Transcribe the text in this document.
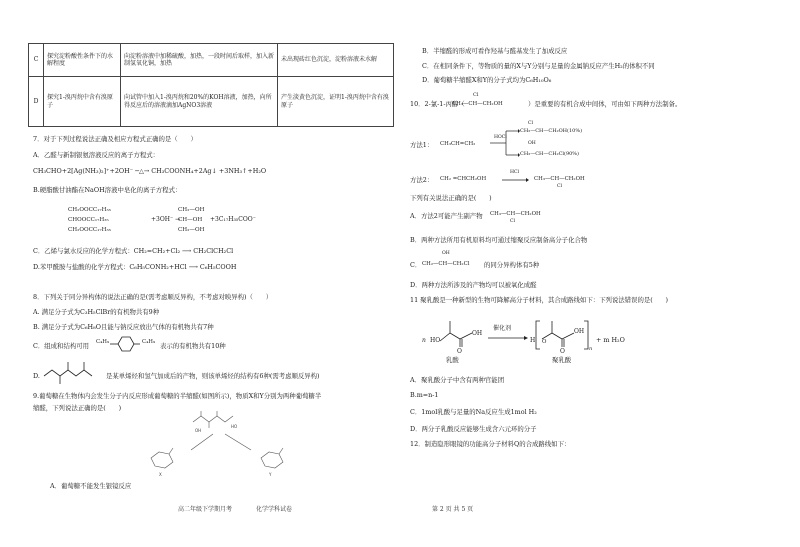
C	探究淀粉酸性条件下的水解程度	向淀粉溶液中加稀硫酸，加热，一段时间后取样，加入新制氢氧化铜，加热	未出现砖红色沉淀，淀粉溶液未水解
D	探究1-溴丙烷中含有溴原子	向试管中加入1-溴丙烷和20%的KOH溶液，加热，向所得反应后的溶液滴加AgNO3溶液	产生淡黄色沉淀，证明1-溴丙烷中含有溴原子
7．对于下列过程说法正确及相应方程式正确的是（　　）
A．乙醛与新制银氨溶液反应的离子方程式：
CH₃CHO+2[Ag(NH₃)₂]⁺+2OH⁻ ─△→ CH₃COONH₄+2Ag↓ +3NH₃↑+H₂O
B.硬脂酸甘油酯在NaOH溶液中皂化的离子方程式：
CH₂OOCC₁₇H₃₅
CHOOCC₁₇H₃₅
CH₂OOCC₁₇H₃₅
+3OH⁻ →
CH₂—OH
CH—OH
CH₂—OH
+3C₁₇H₃₅COO⁻
C．乙烯与氯水反应的化学方程式：CH₂=CH₂+Cl₂ ⟶ CH₂ClCH₂Cl
D.苯甲酰胺与盐酸的化学方程式：C₆H₅CONH₂+HCl ⟶ C₆H₅COOH
8．下列关于同分异构体的说法正确的是(需考虑顺反异构，不考虑对映异构)（　　）
A. 满足分子式为C₃H₅ClBr的有机物共有9种
B. 满足分子式为C₆H₈O且能与钠反应放出气体的有机物共有7种
C．组成和结构可用 C₄H₉	C₄H₉ 表示的有机物共有10种
D.	是某单烯烃和氢气加成后的产物，则该单烯烃的结构有6种(需考虑顺反异构)
9.葡萄糖在生物体内会发生分子内反应形成葡萄糖的半缩醛(如图所示)，物质X和Y分别为两种葡萄糖半
缩醛，下列说法正确的是(　　)
HO
OH
X	Y
A．葡萄糖不能发生银镜反应
高二年级下学期月考	化学学科试卷
B．半缩醛的形成可看作羟基与醛基发生了加成反应
C．在相同条件下，等物质的量的X与Y分别与足量的金属钠反应产生H₂的体积不同
D．葡萄糖半缩醛X和Y的分子式均为C₆H₁₀O₆
Cl
10．2-氯-1-丙醇（
CH₃—CH—CH₂OH	）是重要的有机合成中间体，可由如下两种方法制备。
方法1： CH₃CH=CH₂
HOCl
Cl
CH₃—CH—CH₂OH(10%)
OH
CH₃—CH—CH₂Cl(90%)
方法2： CH₂ =CHCH₂OH
HCl
CH₃—CH—CH₂OH
Cl
下列有关说法正确的是(　　)
A．方法2可能产生副产物 CH₃—CH—CH₂OH
Cl
B．两种方法所用有机原料均可通过缩聚反应制备高分子化合物
OH
C． CH₂—CH—CH₂Cl 的同分异构体有5种
D．两种方法所涉及的产物均可以被氧化成醛
11 聚乳酸是一种新型的生物可降解高分子材料，其合成路线如下：下列说法错误的是(　　)
n HO
OH
O
乳酸
催化剂
H O
OH
n
O
+ m H₂O
聚乳酸
A．聚乳酸分子中含有两种官能团
B.m=n-1
C．1mol乳酸与足量的Na反应生成1mol H₂
D．两分子乳酸反应能够生成含六元环的分子
12．制造隐形眼镜的功能高分子材料Q的合成路线如下：
第 2 页 共 5 页
